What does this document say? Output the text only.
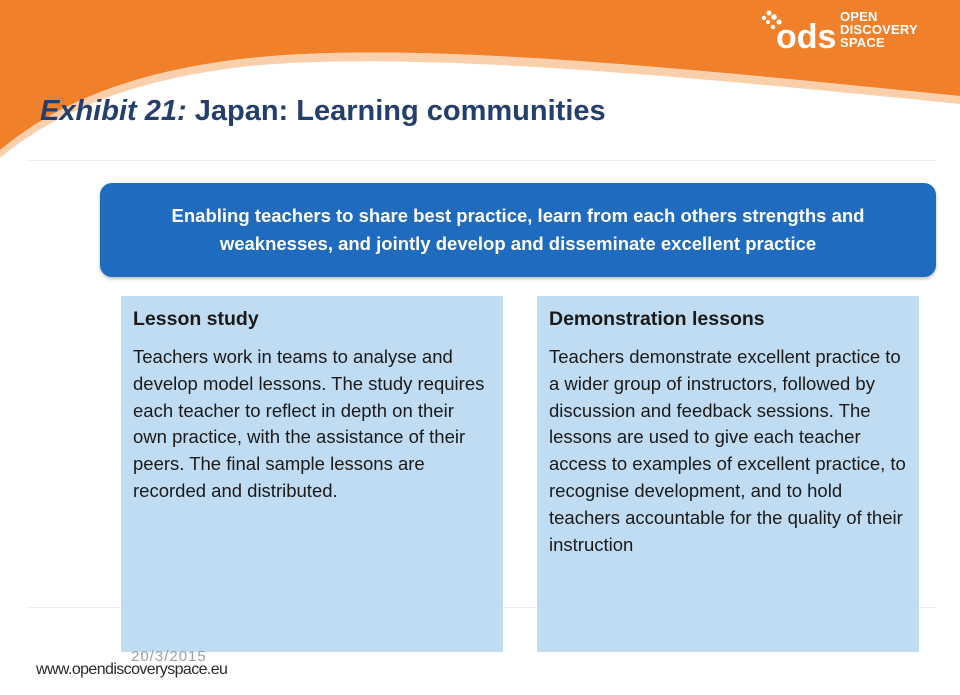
ods
OPEN
DISCOVERY
SPACE
Exhibit 21: Japan: Learning communities
Enabling teachers to share best practice, learn from each others strengths and weaknesses, and jointly develop and disseminate excellent practice

Lesson study

Teachers work in teams to analyse and develop model lessons. The study requires each teacher to reflect in depth on their own practice, with the assistance of their peers. The final sample lessons are recorded and distributed.

Demonstration lessons

Teachers demonstrate excellent practice to a wider group of instructors, followed by discussion and feedback sessions. The lessons are used to give each teacher access to examples of excellent practice, to recognise development, and to hold teachers accountable for the quality of their instruction

20/3/2015
www.opendiscoveryspace.eu
